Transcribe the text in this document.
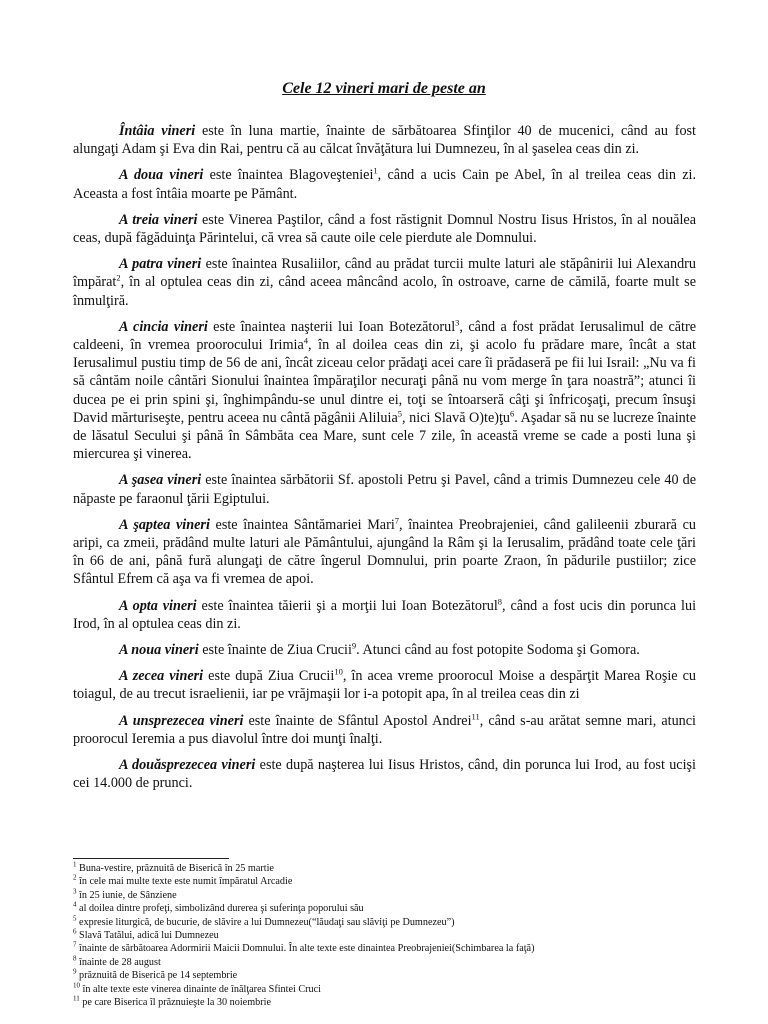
Cele 12 vineri mari de peste an

Întâia vineri este în luna martie, înainte de sărbătoarea Sfinţilor 40 de mucenici, când au fost alungaţi Adam şi Eva din Rai, pentru că au călcat învăţătura lui Dumnezeu, în al şaselea ceas din zi.

A doua vineri este înaintea Blagoveşteniei$^1$, când a ucis Cain pe Abel, în al treilea ceas din zi. Aceasta a fost întâia moarte pe Pământ.

A treia vineri este Vinerea Paştilor, când a fost răstignit Domnul Nostru Iisus Hristos, în al nouălea ceas, după făgăduinţa Părintelui, că vrea să caute oile cele pierdute ale Domnului.

A patra vineri este înaintea Rusaliilor, când au prădat turcii multe laturi ale stăpânirii lui Alexandru împărat$^2$, în al optulea ceas din zi, când aceea mâncând acolo, în ostroave, carne de cămilă, foarte mult se înmulţiră.

A cincia vineri este înaintea naşterii lui Ioan Botezătorul$^3$, când a fost prădat Ierusalimul de către caldeeni, în vremea proorocului Irimia$^4$, în al doilea ceas din zi, şi acolo fu prădare mare, încât a stat Ierusalimul pustiu timp de 56 de ani, încât ziceau celor prădaţi acei care îi prădaseră pe fii lui Israil: „Nu va fi să cântăm noile cântări Sionului înaintea împăraţilor necuraţi până nu vom merge în ţara noastră”; atunci îi ducea pe ei prin spini şi, înghimpându-se unul dintre ei, toţi se întoarseră câţi şi înfricoşaţi, precum însuşi David mărturiseşte, pentru aceea nu cântă păgânii Aliluia$^5$, nici Slavă $O)te)ţu^6$. Aşadar să nu se lucreze înainte de lăsatul Secului şi până în Sâmbăta cea Mare, sunt cele 7 zile, în această vreme se cade a posti luna şi miercurea şi vinerea.

A şasea vineri este înaintea sărbătorii Sf. apostoli Petru şi Pavel, când a trimis Dumnezeu cele 40 de năpaste pe faraonul ţării Egiptului.

A şaptea vineri este înaintea Sântămariei Mari$^7$, înaintea Preobrajeniei, când galileenii zburară cu aripi, ca zmeii, prădând multe laturi ale Pământului, ajungând la Râm şi la Ierusalim, prădând toate cele ţări în 66 de ani, până fură alungaţi de către îngerul Domnului, prin poarte Zraon, în pădurile pustiilor; zice Sfântul Efrem că aşa va fi vremea de apoi.

A opta vineri este înaintea tăierii şi a morţii lui Ioan Botezătorul$^8$, când a fost ucis din porunca lui Irod, în al optulea ceas din zi.

A noua vineri este înainte de Ziua Crucii$^9$. Atunci când au fost potopite Sodoma şi Gomora.

A zecea vineri este după Ziua Crucii$^{10}$, în acea vreme proorocul Moise a despărţit Marea Roşie cu toiagul, de au trecut israelienii, iar pe vrăjmaşii lor i-a potopit apa, în al treilea ceas din zi

A unsprezecea vineri este înainte de Sfântul Apostol Andrei$^{11}$, când s-au arătat semne mari, atunci proorocul Ieremia a pus diavolul între doi munţi înalţi.

A douăsprezecea vineri este după naşterea lui Iisus Hristos, când, din porunca lui Irod, au fost ucişi cei 14.000 de prunci.

$^1$ Buna-vestire, prăznuită de Biserică în 25 martie
$^2$ în cele mai multe texte este numit împăratul Arcadie
$^3$ în 25 iunie, de Sânziene
$^4$ al doilea dintre profeţi, simbolizând durerea şi suferinţa poporului său
$^5$ expresie liturgică, de bucurie, de slăvire a lui Dumnezeu(“lăudaţi sau slăviţi pe Dumnezeu”)
$^6$ Slavă Tatălui, adică lui Dumnezeu
$^7$ înainte de sărbătoarea Adormirii Maicii Domnului. În alte texte este dinaintea Preobrajeniei(Schimbarea la faţă)
$^8$ înainte de 28 august
$^9$ prăznuită de Biserică pe 14 septembrie
$^{10}$ în alte texte este vinerea dinainte de înălţarea Sfintei Cruci
$^{11}$ pe care Biserica îl prăznuieşte la 30 noiembrie
